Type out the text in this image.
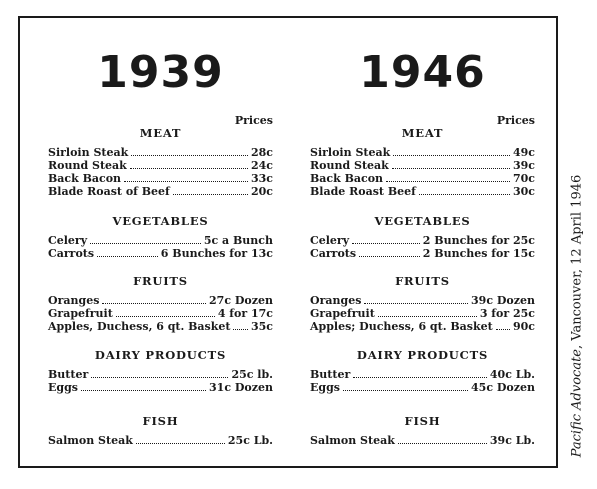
1939
Prices
MEAT
Sirloin Steak	28c
Round Steak	24c
Back Bacon	33c
Blade Roast of Beef	20c
VEGETABLES
Celery	5c a Bunch
Carrots	6 Bunches for 13c
FRUITS
Oranges	27c Dozen
Grapefruit	4 for 17c
Apples, Duchess, 6 qt. Basket 35c
DAIRY PRODUCTS
Butter	25c lb.
Eggs	31c Dozen
FISH
Salmon Steak	25c Lb.
1946
Prices
MEAT
Sirloin Steak	49c
Round Steak	39c
Back Bacon	70c
Blade Roast Beef	30c
VEGETABLES
Celery	2 Bunches for 25c
Carrots	2 Bunches for 15c
FRUITS
Oranges	39c Dozen
Grapefruit	3 for 25c
Apples; Duchess, 6 qt. Basket 90c
DAIRY PRODUCTS
Butter	40c Lb.
Eggs	45c Dozen
FISH
Salmon Steak	39c Lb.	Pacific Advocate, Vancouver, 12 April 1946
